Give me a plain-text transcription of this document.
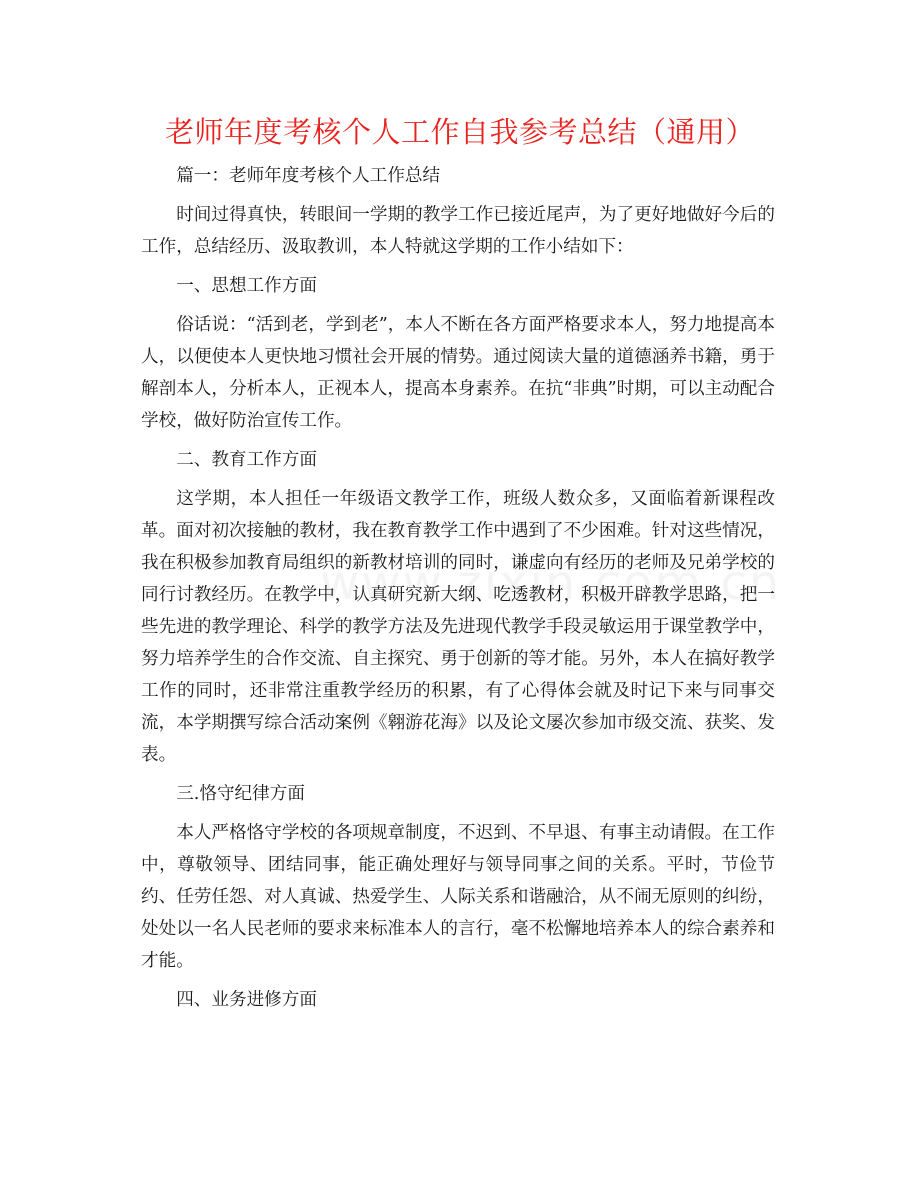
老师年度考核个人工作自我参考总结（通用）

篇一：老师年度考核个人工作总结

时间过得真快，转眼间一学期的教学工作已接近尾声，为了更好地做好今后的工作，总结经历、汲取教训，本人特就这学期的工作小结如下：

一、思想工作方面

俗话说：“活到老，学到老”，本人不断在各方面严格要求本人，努力地提高本人，以便使本人更快地习惯社会开展的情势。通过阅读大量的道德涵养书籍，勇于解剖本人，分析本人，正视本人，提高本身素养。在抗“非典”时期，可以主动配合学校，做好防治宣传工作。

二、教育工作方面

这学期，本人担任一年级语文教学工作，班级人数众多，又面临着新课程改革。面对初次接触的教材，我在教育教学工作中遇到了不少困难。针对这些情况，我在积极参加教育局组织的新教材培训的同时，谦虚向有经历的老师及兄弟学校的同行讨教经历。在教学中，认真研究新大纲、吃透教材，积极开辟教学思路，把一些先进的教学理论、科学的教学方法及先进现代教学手段灵敏运用于课堂教学中，努力培养学生的合作交流、自主探究、勇于创新的等才能。另外，本人在搞好教学工作的同时，还非常注重教学经历的积累，有了心得体会就及时记下来与同事交流，本学期撰写综合活动案例《翱游花海》以及论文屡次参加市级交流、获奖、发表。

三.恪守纪律方面

本人严格恪守学校的各项规章制度，不迟到、不早退、有事主动请假。在工作中，尊敬领导、团结同事，能正确处理好与领导同事之间的关系。平时，节俭节约、任劳任怨、对人真诚、热爱学生、人际关系和谐融洽，从不闹无原则的纠纷，处处以一名人民老师的要求来标准本人的言行，毫不松懈地培养本人的综合素养和才能。

四、业务进修方面
